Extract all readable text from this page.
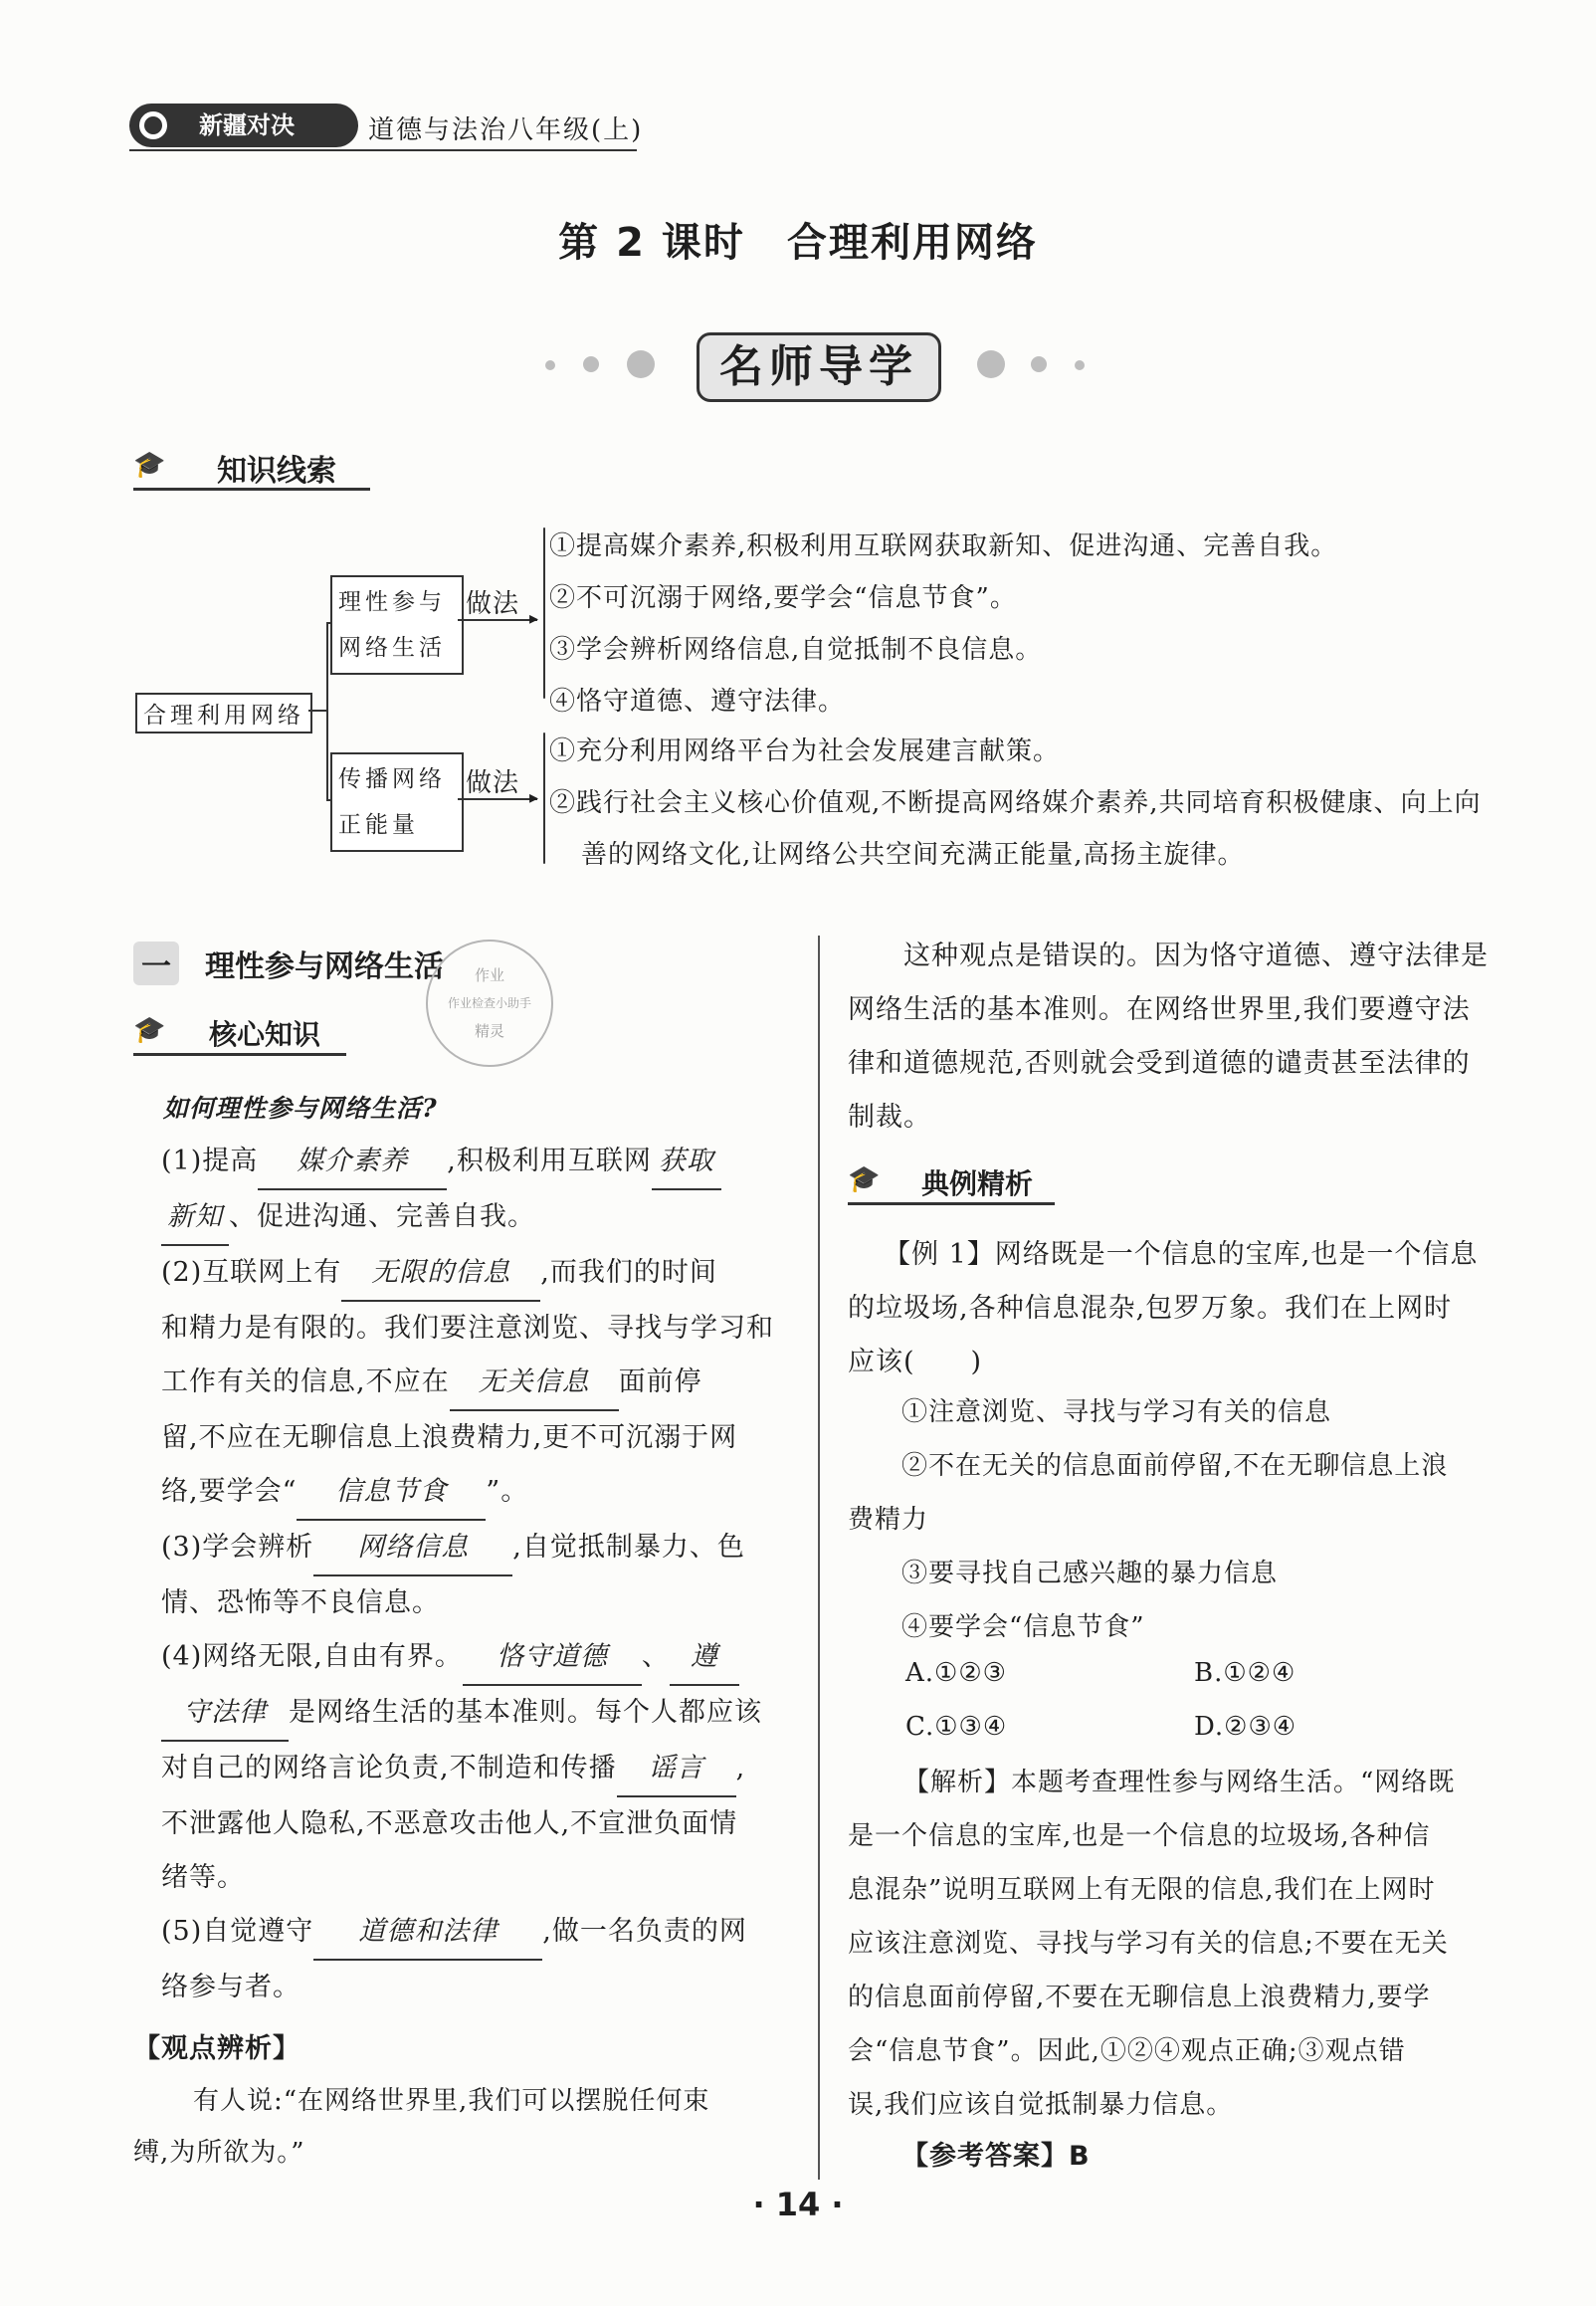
新疆对决	道德与法治八年级(上)
第 2 课时　合理利用网络
名师导学
🎓	知识线索
合理利用网络
理性参与
网络生活
做法 ▸
①提高媒介素养,积极利用互联网获取新知、促进沟通、完善自我。
②不可沉溺于网络,要学会“信息节食”。
③学会辨析网络信息,自觉抵制不良信息。
④恪守道德、遵守法律。
传播网络
正能量
做法 ▸
①充分利用网络平台为社会发展建言献策。
②践行社会主义核心价值观,不断提高网络媒介素养,共同培育积极健康、向上向
善的网络文化,让网络公共空间充满正能量,高扬主旋律。
一 理性参与网络生活	作业
作业检查小助手
精灵
🎓	核心知识
如何理性参与网络生活?
(1)提高 媒介素养 ,积极利用互联网 获取
新知 、促进沟通、完善自我。
(2)互联网上有 无限的信息 ,而我们的时间
和精力是有限的。我们要注意浏览、寻找与学习和
工作有关的信息,不应在 无关信息 面前停
留,不应在无聊信息上浪费精力,更不可沉溺于网
络,要学会“ 信息节食 ”。
(3)学会辨析 网络信息 ,自觉抵制暴力、色
情、恐怖等不良信息。
(4)网络无限,自由有界。 恪守道德 、 遵
守法律 是网络生活的基本准则。每个人都应该
对自己的网络言论负责,不制造和传播 谣言 ,
不泄露他人隐私,不恶意攻击他人,不宣泄负面情
绪等。
(5)自觉遵守 道德和法律 ,做一名负责的网
络参与者。
【观点辨析】
有人说:“在网络世界里,我们可以摆脱任何束
缚,为所欲为。”
这种观点是错误的。因为恪守道德、遵守法律是
网络生活的基本准则。在网络世界里,我们要遵守法
律和道德规范,否则就会受到道德的谴责甚至法律的
制裁。
🎓	典例精析
【例 1】网络既是一个信息的宝库,也是一个信息
的垃圾场,各种信息混杂,包罗万象。我们在上网时
应该(　　)
①注意浏览、寻找与学习有关的信息
②不在无关的信息面前停留,不在无聊信息上浪
费精力
③要寻找自己感兴趣的暴力信息
④要学会“信息节食”
A.①②③	B.①②④
C.①③④	D.②③④
【解析】本题考查理性参与网络生活。“网络既
是一个信息的宝库,也是一个信息的垃圾场,各种信
息混杂”说明互联网上有无限的信息,我们在上网时
应该注意浏览、寻找与学习有关的信息;不要在无关
的信息面前停留,不要在无聊信息上浪费精力,要学
会“信息节食”。因此,①②④观点正确;③观点错
误,我们应该自觉抵制暴力信息。
【参考答案】B
· 14 ·
